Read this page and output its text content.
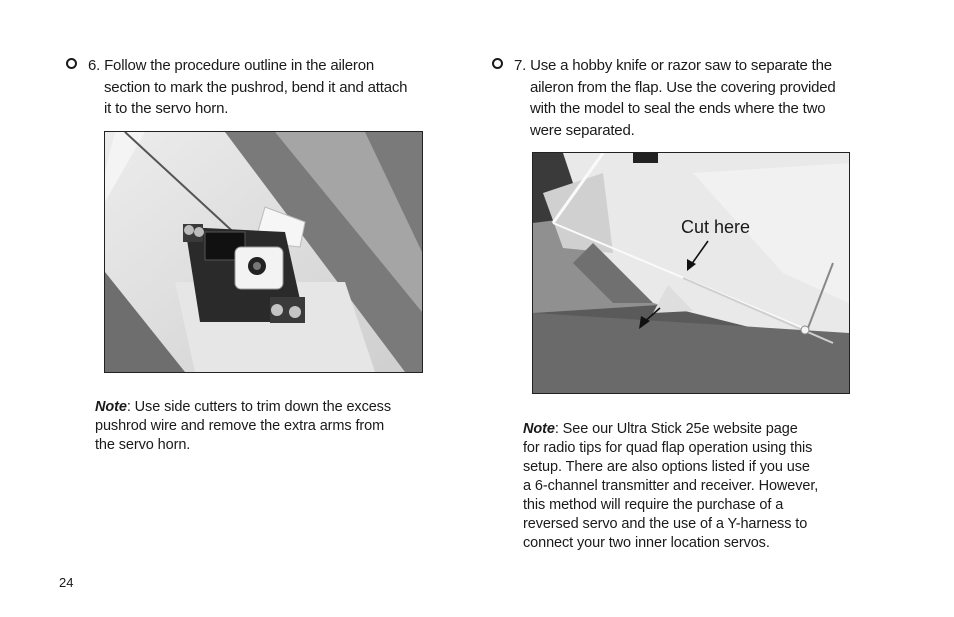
6. Follow the procedure outline in the aileron
section to mark the pushrod, bend it and attach
it to the servo horn.
Note: Use side cutters to trim down the excess
pushrod wire and remove the extra arms from
the servo horn.
7. Use a hobby knife or razor saw to separate the
aileron from the flap. Use the covering provided
with the model to seal the ends where the two
were separated.
Cut here
Note: See our Ultra Stick 25e website page
for radio tips for quad flap operation using this
setup. There are also options listed if you use
a 6-channel transmitter and receiver. However,
this method will require the purchase of a
reversed servo and the use of a Y-harness to
connect your two inner location servos.
24
